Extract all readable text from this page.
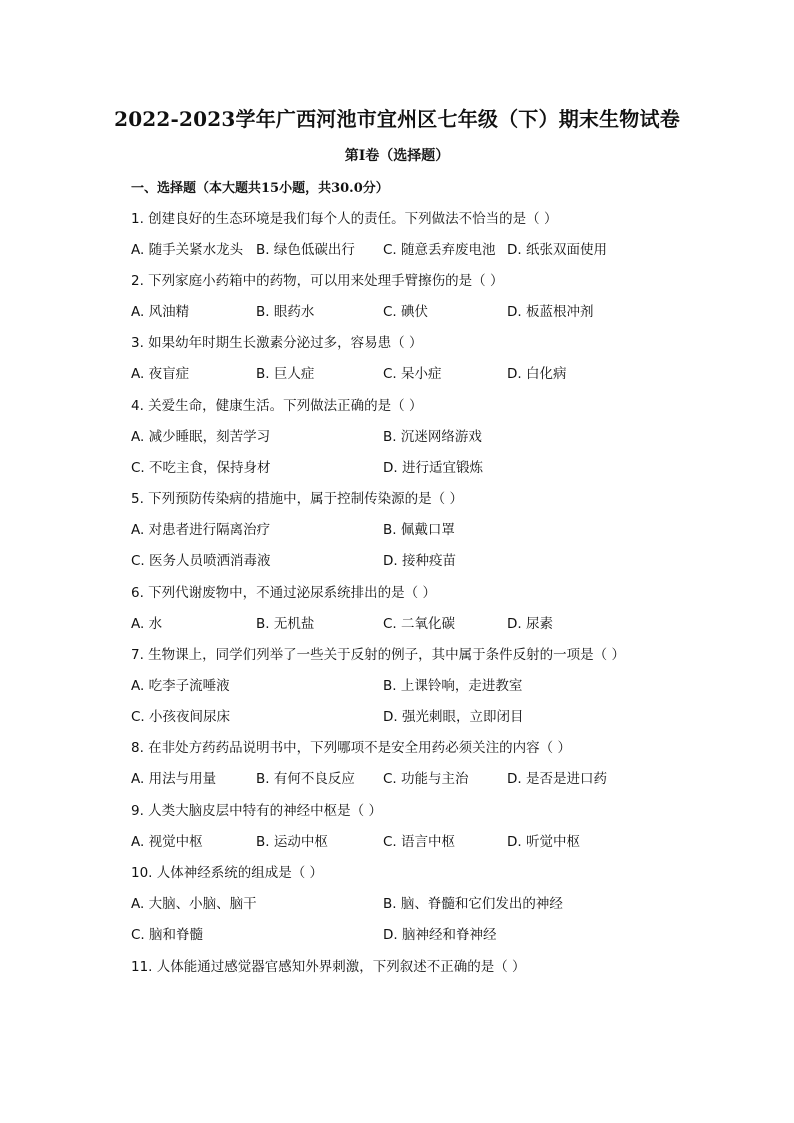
2022-2023学年广西河池市宜州区七年级（下）期末生物试卷
第I卷（选择题）
一、选择题（本大题共15小题，共30.0分）
1. 创建良好的生态环境是我们每个人的责任。下列做法不恰当的是（ ）
A. 随手关紧水龙头 B. 绿色低碳出行 C. 随意丢弃废电池 D. 纸张双面使用
2. 下列家庭小药箱中的药物，可以用来处理手臂擦伤的是（ ）
A. 风油精	B. 眼药水	C. 碘伏	D. 板蓝根冲剂
3. 如果幼年时期生长激素分泌过多，容易患（ ）
A. 夜盲症	B. 巨人症	C. 呆小症	D. 白化病
4. 关爱生命，健康生活。下列做法正确的是（ ）
A. 减少睡眠，刻苦学习	B. 沉迷网络游戏
C. 不吃主食，保持身材	D. 进行适宜锻炼
5. 下列预防传染病的措施中，属于控制传染源的是（ ）
A. 对患者进行隔离治疗	B. 佩戴口罩
C. 医务人员喷洒消毒液	D. 接种疫苗
6. 下列代谢废物中，不通过泌尿系统排出的是（ ）
A. 水	B. 无机盐	C. 二氧化碳	D. 尿素
7. 生物课上，同学们列举了一些关于反射的例子，其中属于条件反射的一项是（ ）
A. 吃李子流唾液	B. 上课铃响，走进教室
C. 小孩夜间尿床	D. 强光刺眼，立即闭目
8. 在非处方药药品说明书中，下列哪项不是安全用药必须关注的内容（ ）
A. 用法与用量	B. 有何不良反应 C. 功能与主治	D. 是否是进口药
9. 人类大脑皮层中特有的神经中枢是（ ）
A. 视觉中枢	B. 运动中枢	C. 语言中枢	D. 听觉中枢
10. 人体神经系统的组成是（ ）
A. 大脑、小脑、脑干	B. 脑、脊髓和它们发出的神经
C. 脑和脊髓	D. 脑神经和脊神经
11. 人体能通过感觉器官感知外界刺激，下列叙述不正确的是（ ）
